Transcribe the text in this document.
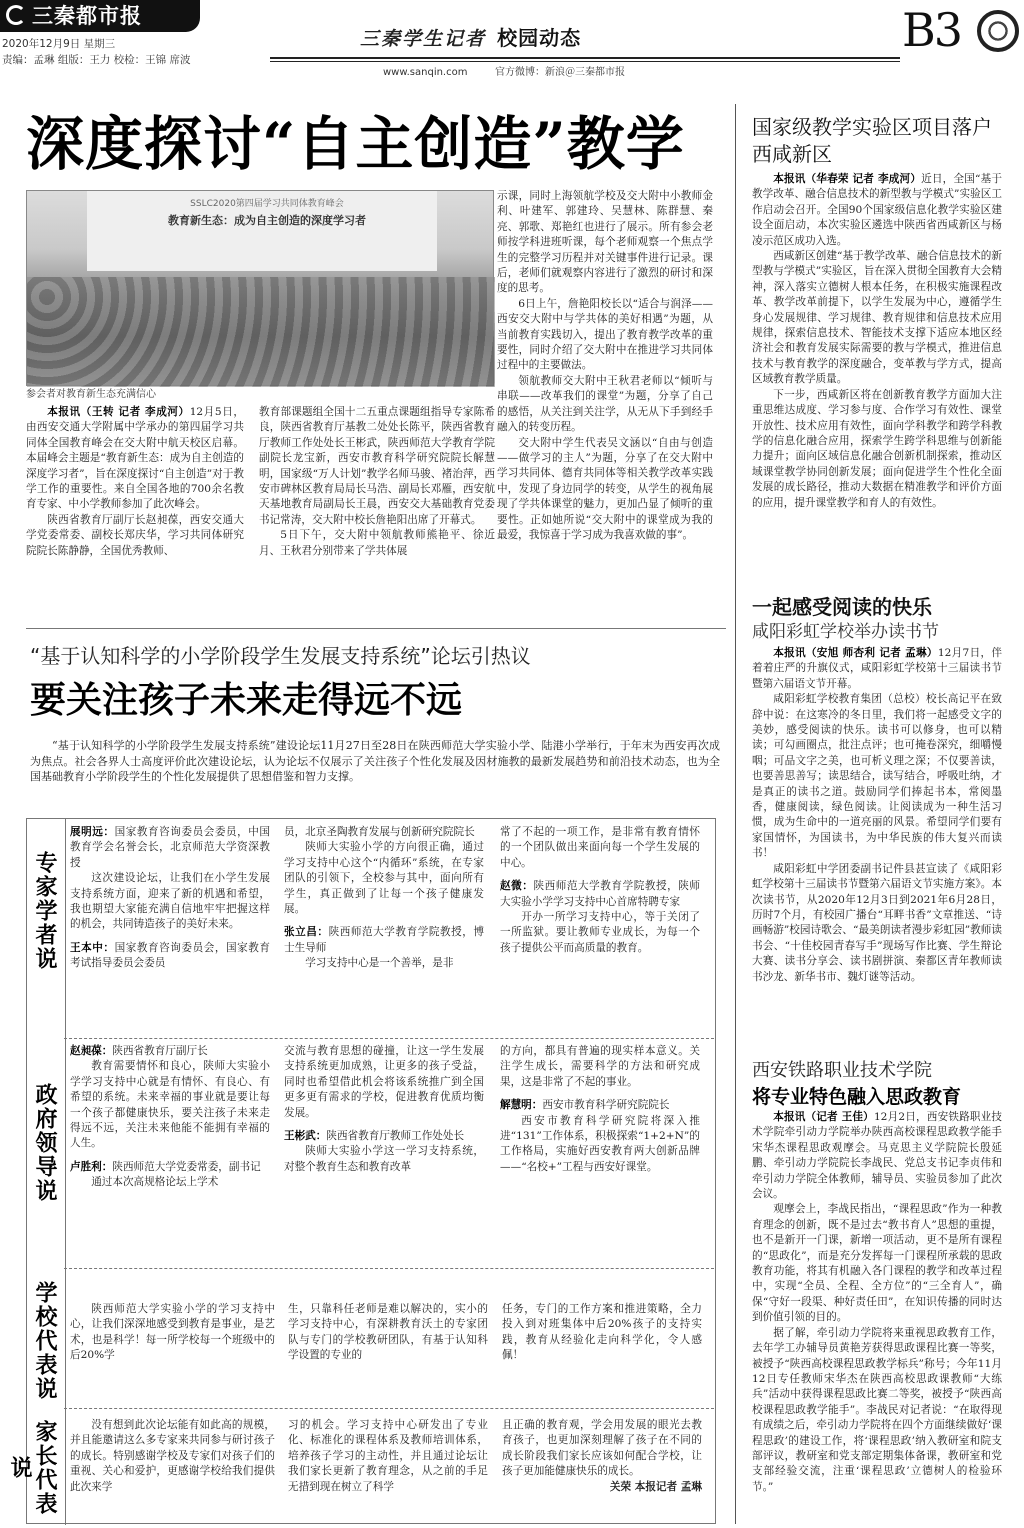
三秦都市报
2020年12月9日 星期三
责编：孟琳 组版：王力 校检：王锦 席波
三秦学生记者 校园动态
www.sanqin.com	官方微博：新浪＠三秦都市报
B3
深度探讨“自主创造”教学
SSLC2020第四届学习共同体教育峰会
教育新生态：成为自主创造的深度学习者
参会者对教育新生态充满信心

本报讯（王转 记者 李成河）12月5日，由西安交通大学附属中学承办的第四届学习共同体全国教育峰会在交大附中航天校区启幕。本届峰会主题是“教育新生态：成为自主创造的深度学习者”，旨在深度探讨“自主创造”对于教学工作的重要性。来自全国各地的700余名教育专家、中小学教师参加了此次峰会。

陕西省教育厅副厅长赵昶葆，西安交通大学党委常委、副校长郑庆华，学习共同体研究院院长陈静静，全国优秀教师、

教育部课题组全国十二五重点课题组指导专家陈希良，陕西省教育厅基教二处处长陈平，陕西省教育厅教师工作处处长王彬武，陕西师范大学教育学院副院长龙宝新，西安市教育科学研究院院长解慧明，国家级“万人计划”教学名师马骏、褚治萍，西安市碑林区教育局局长马浩、副局长邓雁，西安航天基地教育局副局长王晨，西安交大基础教育党委书记常涛，交大附中校长詹艳阳出席了开幕式。

5日下午，交大附中领航教师熊艳平、徐近月、王秋君分别带来了学共体展

示课，同时上海领航学校及交大附中小教师金利、叶建军、郭建玲、吴慧林、陈群慧、秦亮、郭歌、郑艳红也进行了展示。所有参会老师按学科进班听课，每个老师观察一个焦点学生的完整学习历程并对关键事件进行记录。课后，老师们就观察内容进行了激烈的研讨和深度的思考。

6日上午，詹艳阳校长以“适合与润泽——西安交大附中与学共体的美好相遇”为题，从当前教育实践切入，提出了教育教学改革的重要性，同时介绍了交大附中在推进学习共同体过程中的主要做法。

领航教师交大附中王秋君老师以“倾听与串联——改革我们的课堂”为题，分享了自己的感悟，从关注到关注学，从无从下手到经手融入的转变历程。

交大附中学生代表吴文涵以“自由与创造——做学习的主人”为题，分享了在交大附中学习共同体、德育共同体等相关教学改革实践中，发现了身边同学的转变，从学生的视角展现了学共体课堂的魅力，更加凸显了倾听的重要性。正如她所说“交大附中的课堂成为我的最爱，我惊喜于学习成为我喜欢做的事”。

国家级教学实验区项目落户西咸新区

本报讯（华春荣 记者 李成河）近日，全国“基于教学改革、融合信息技术的新型教与学模式”实验区工作启动会召开。全国90个国家级信息化教学实验区建设全面启动，本次实验区遴选中陕西省西咸新区与杨凌示范区成功入选。

西咸新区创建“基于教学改革、融合信息技术的新型教与学模式”实验区，旨在深入贯彻全国教育大会精神，深入落实立德树人根本任务，在积极实施课程改革、教学改革前提下，以学生发展为中心，遵循学生身心发展规律、学习规律、教育规律和信息技术应用规律，探索信息技术、智能技术支撑下适应本地区经济社会和教育发展实际需要的教与学模式，推进信息技术与教育教学的深度融合，变革教与学方式，提高区域教育教学质量。

下一步，西咸新区将在创新教育教学方面加大注重思维达成度、学习参与度、合作学习有效性、课堂开放性、技术应用有效性，面向学科教学和跨学科教学的信息化融合应用，探索学生跨学科思维与创新能力提升；面向区域信息化融合创新机制探索，推动区域课堂教学协同创新发展；面向促进学生个性化全面发展的成长路径，推动大数据在精准教学和评价方面的应用，提升课堂教学和育人的有效性。

一起感受阅读的快乐
咸阳彩虹学校举办读书节

本报讯（安旭 师杏利 记者 孟琳）12月7日，伴着着庄严的升旗仪式，咸阳彩虹学校第十三届读书节暨第六届语文节开幕。

咸阳彩虹学校教育集团（总校）校长高记平在致辞中说：在这寒冷的冬日里，我们将一起感受文字的美妙，感受阅读的快乐。读书可以修身，也可以精读；可勾画圈点，批注点评；也可掩卷深究，细嚼慢咽；可品文字之美，也可析义理之深；不仅要善读，也要善思善写；读思结合，读写结合，呼吸吐纳，才是真正的读书之道。鼓励同学们捧起书本，常阅墨香，健康阅读，绿色阅读。让阅读成为一种生活习惯，成为生命中的一道亮丽的风景。希望同学们要有家国情怀，为国读书，为中华民族的伟大复兴而读书！

咸阳彩虹中学团委副书记件县甚宣读了《咸阳彩虹学校第十三届读书节暨第六届语文节实施方案》。本次读书节，从2020年12月3日到2021年6月28日，历时7个月，有校园广播台“耳畔书香”文章推送、“诗画畅游”校园诗歌会、“最美朗读者漫步彩虹园”教师读书会、“十佳校园青春写手”现场写作比赛、学生辩论大赛、读书分享会、读书剧拼演、秦都区青年教师读书沙龙、新华书市、魏灯谜等活动。

西安铁路职业技术学院
将专业特色融入思政教育

本报讯（记者 王佳）12月2日，西安铁路职业技术学院牵引动力学院举办陕西高校课程思政教学能手宋华杰课程思政观摩会。马克思主义学院院长殷延鹏、牵引动力学院院长李战民、党总支书记李贞伟和牵引动力学院全体教师，辅导员、实验员参加了此次会议。

观摩会上，李战民指出，“课程思政”作为一种教育理念的创新，既不是过去“教书育人”思想的重提，也不是新开一门课，新增一项活动，更不是所有课程的“思政化”，而是充分发挥每一门课程所承载的思政教育功能，将其有机融入各门课程的教学和改革过程中，实现“全员、全程、全方位”的“三全育人”，确保“守好一段渠、种好责任田”，在知识传播的同时达到价值引领的目的。

据了解，牵引动力学院将来重视思政教育工作，去年学工办辅导员黄艳芳获得思政课程比赛一等奖，被授予“陕西高校课程思政教学标兵”称号；今年11月12日专任教师宋华杰在陕西高校思政课教师“大练兵”活动中获得课程思政比赛二等奖，被授予“陕西高校课程思政教学能手”。李战民对记者说：“在取得现有成绩之后，牵引动力学院将在四个方面继续做好‘课程思政’的建设工作，将‘课程思政’纳入教研室和院支部评议，教研室和党支部定期集体备课，教研室和党支部经验交流，注重‘课程思政’立德树人的检验环节。”

“基于认知科学的小学阶段学生发展支持系统”论坛引热议
要关注孩子未来走得远不远

“基于认知科学的小学阶段学生发展支持系统”建设论坛11月27日至28日在陕西师范大学实验小学、陆港小学举行，于年末为西安再次成为焦点。社会各界人士高度评价此次建设论坛，认为论坛不仅展示了关注孩子个性化发展及因材施教的最新发展趋势和前沿技术动态，也为全国基础教育小学阶段学生的个性化发展提供了思想借鉴和智力支撑。

专家学者说

展明远：国家教育咨询委员会委员，中国教育学会名誉会长，北京师范大学资深教授

这次建设论坛，让我们在小学生发展支持系统方面，迎来了新的机遇和希望，我也期望大家能充满自信地牢牢把握这样的机会，共同铸造孩子的美好未来。

王本中：国家教育咨询委员会，国家教育考试指导委员会委员

员，北京圣陶教育发展与创新研究院院长

陕师大实验小学的方向很正确，通过学习支持中心这个“内循环”系统，在专家团队的引领下，全校参与其中，面向所有学生，真正做到了让每一个孩子健康发展。

张立昌：陕西师范大学教育学院教授，博士生导师

学习支持中心是一个善举，是非

常了不起的一项工作，是非常有教育情怀的一个团队做出来面向每一个学生发展的中心。

赵微：陕西师范大学教育学院教授，陕师大实验小学学习支持中心首席特聘专家

开办一所学习支持中心，等于关闭了一所监狱。要让教师专业成长，为每一个孩子提供公平而高质量的教育。

政府领导说

赵昶葆：陕西省教育厅副厅长

教育需要情怀和良心，陕师大实验小学学习支持中心就是有情怀、有良心、有希望的系统。未来幸福的事业就是要让每一个孩子都健康快乐，要关注孩子未来走得远不远，关注未来他能不能拥有幸福的人生。

卢胜利：陕西师范大学党委常委，副书记

通过本次高规格论坛上学术

交流与教育思想的碰撞，让这一学生发展支持系统更加成熟，让更多的孩子受益，同时也希望借此机会将该系统推广到全国更多更有需求的学校，促进教育优质均衡发展。

王彬武：陕西省教育厅教师工作处处长

陕师大实验小学这一学习支持系统，对整个教育生态和教育改革

的方向，都具有普遍的现实样本意义。关注学生成长，需要科学的方法和研究成果，这是非常了不起的事业。

解慧明：西安市教育科学研究院院长

西安市教育科学研究院将深入推进“131”工作体系，积极探索“1+2+N”的工作格局，实施好西安教育两大创新品牌——“名校+”工程与西安好课堂。

学校代表说	陕西师范大学实验小学的学习支持中心，让我们深深地感受到教育是事业，是艺术，也是科学！每一所学校每一个班级中的后20%学

生，只靠科任老师是难以解决的，实小的学习支持中心，有深耕教育沃土的专家团队与专门的学校教研团队，有基于认知科学设置的专业的

任务，专门的工作方案和推进策略，全力投入到对班集体中后20%孩子的支持实践，教育从经验化走向科学化，令人感佩！

家长代表说

没有想到此次论坛能有如此高的规模，并且能邀请这么多专家来共同参与研讨孩子的成长。特别感谢学校及专家们对孩子们的重视、关心和爱护，更感谢学校给我们提供此次来学

习的机会。学习支持中心研发出了专业化、标准化的课程体系及教师培训体系，培养孩子学习的主动性，并且通过论坛让我们家长更新了教育理念，从之前的手足无措到现在树立了科学

且正确的教育观，学会用发展的眼光去教育孩子，也更加深刻理解了孩子在不同的成长阶段我们家长应该如何配合学校，让孩子更加能健康快乐的成长。

关荣 本报记者 孟琳
